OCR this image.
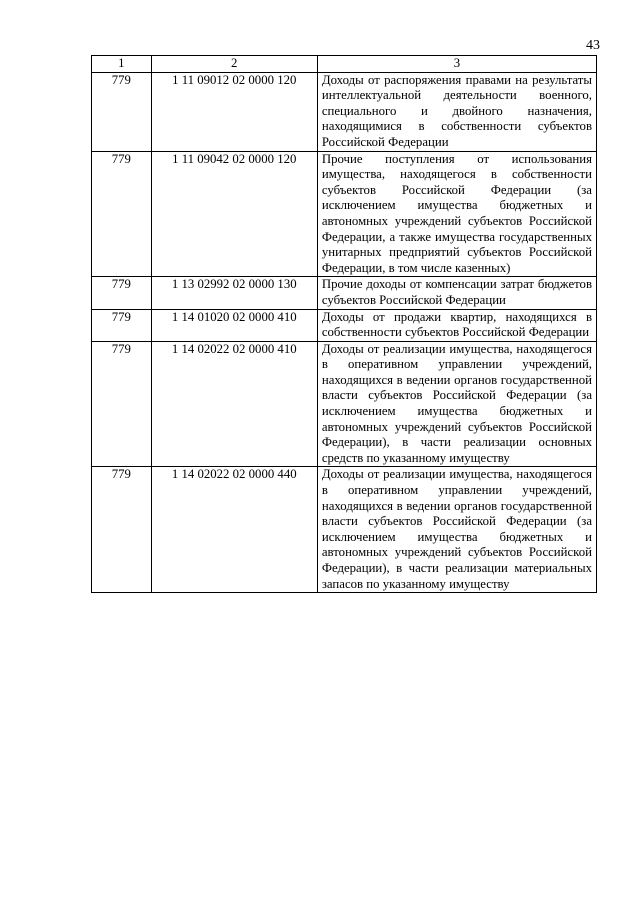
43
1	2	3
779	1 11 09012 02 0000 120	Доходы от распоряжения правами на результаты интеллектуальной деятельности военного, специального и двойного назначения, находящимися в собственности субъектов Российской Федерации
779	1 11 09042 02 0000 120	Прочие поступления от использования имущества, находящегося в собственности субъектов Российской Федерации (за исключением имущества бюджетных и автономных учреждений субъектов Российской Федерации, а также имущества государственных унитарных предприятий субъектов Российской Федерации, в том числе казенных)
779	1 13 02992 02 0000 130	Прочие доходы от компенсации затрат бюджетов субъектов Российской Федерации
779	1 14 01020 02 0000 410	Доходы от продажи квартир, находящихся в собственности субъектов Российской Федерации
779	1 14 02022 02 0000 410	Доходы от реализации имущества, находящегося в оперативном управлении учреждений, находящихся в ведении органов государственной власти субъектов Российской Федерации (за исключением имущества бюджетных и автономных учреждений субъектов Российской Федерации), в части реализации основных средств по указанному имуществу
779	1 14 02022 02 0000 440	Доходы от реализации имущества, находящегося в оперативном управлении учреждений, находящихся в ведении органов государственной власти субъектов Российской Федерации (за исключением имущества бюджетных и автономных учреждений субъектов Российской Федерации), в части реализации материальных запасов по указанному имуществу
